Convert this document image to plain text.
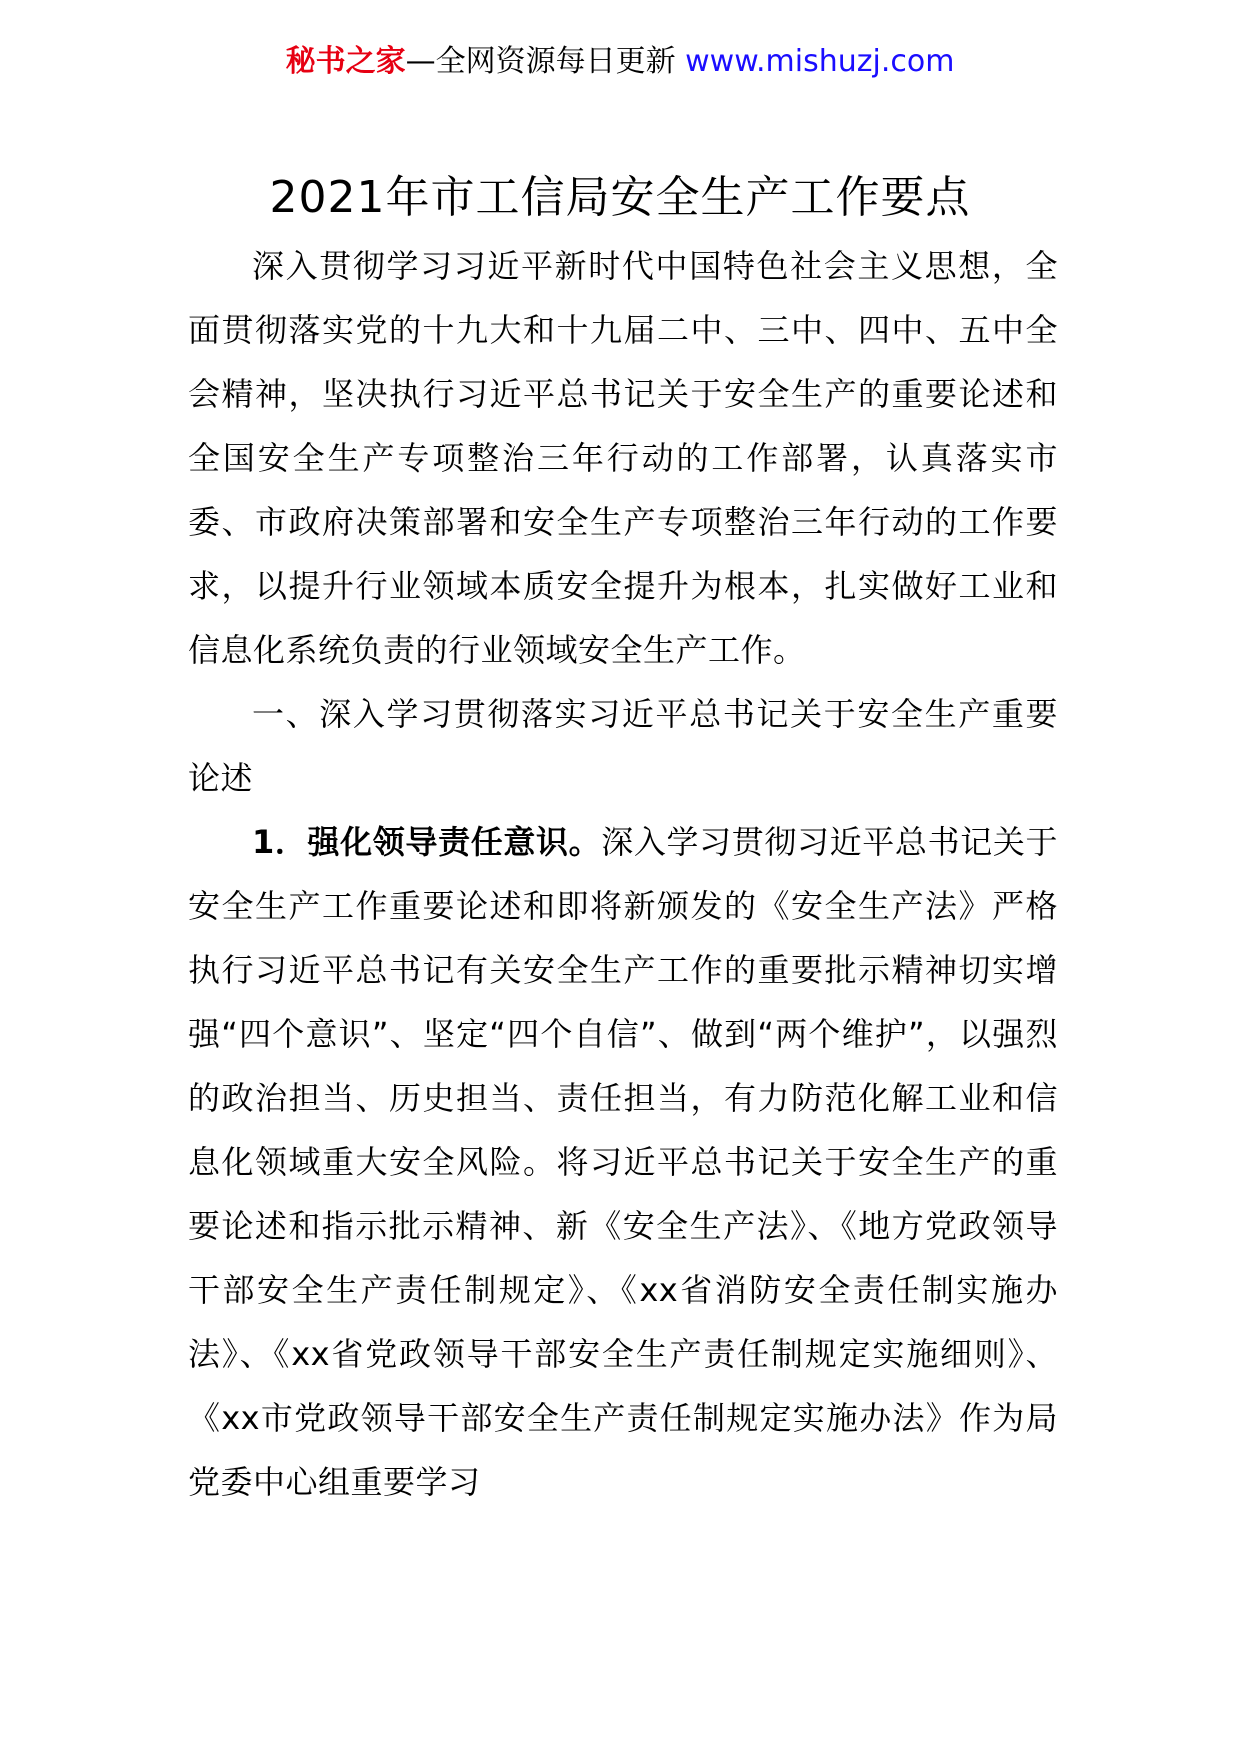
秘书之家—全网资源每日更新 www.mishuzj.com
2021年市工信局安全生产工作要点

深入贯彻学习习近平新时代中国特色社会主义思想，全面贯彻落实党的十九大和十九届二中、三中、四中、五中全会精神，坚决执行习近平总书记关于安全生产的重要论述和全国安全生产专项整治三年行动的工作部署，认真落实市委、市政府决策部署和安全生产专项整治三年行动的工作要求，以提升行业领域本质安全提升为根本，扎实做好工业和信息化系统负责的行业领域安全生产工作。

一、深入学习贯彻落实习近平总书记关于安全生产重要论述

1．强化领导责任意识。深入学习贯彻习近平总书记关于安全生产工作重要论述和即将新颁发的《安全生产法》严格执行习近平总书记有关安全生产工作的重要批示精神切实增强“四个意识”、坚定“四个自信”、做到“两个维护”，以强烈的政治担当、历史担当、责任担当，有力防范化解工业和信息化领域重大安全风险。将习近平总书记关于安全生产的重要论述和指示批示精神、新《安全生产法》、《地方党政领导干部安全生产责任制规定》、《xx省消防安全责任制实施办法》、《xx省党政领导干部安全生产责任制规定实施细则》、《xx市党政领导干部安全生产责任制规定实施办法》作为局党委中心组重要学习
